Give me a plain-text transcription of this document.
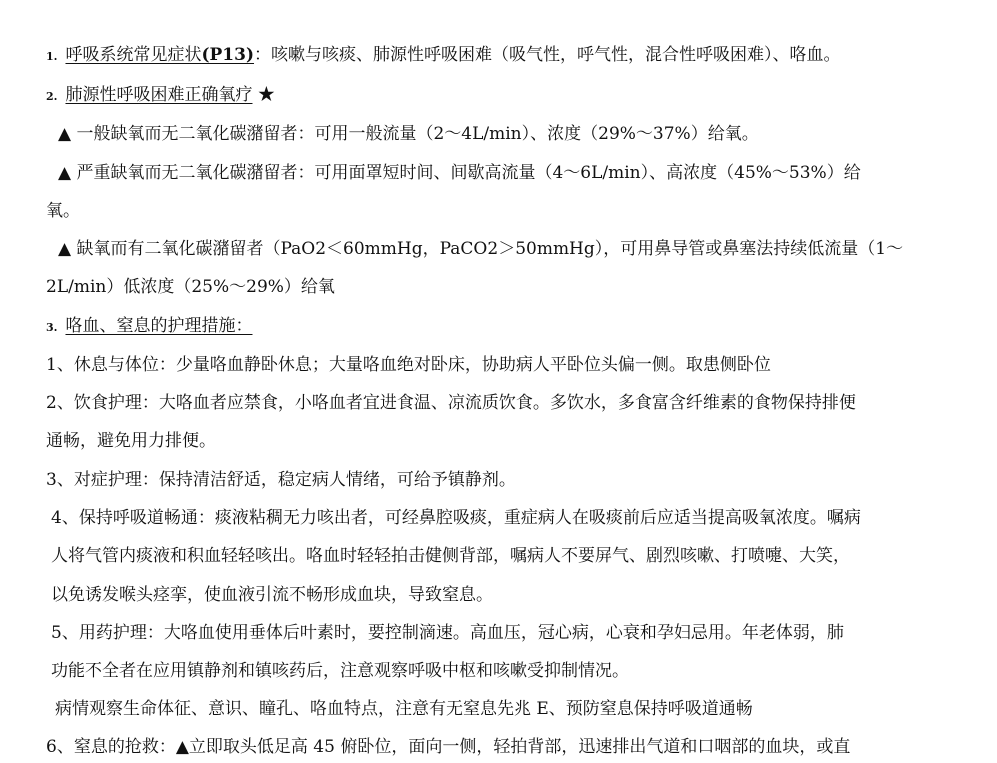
1. 呼吸系统常见症状(P13)：咳嗽与咳痰、肺源性呼吸困难（吸气性，呼气性，混合性呼吸困难）、咯血。
2. 肺源性呼吸困难正确氧疗 ★
▲ 一般缺氧而无二氧化碳潴留者：可用一般流量（2～4L/min）、浓度（29%～37%）给氧。
▲ 严重缺氧而无二氧化碳潴留者：可用面罩短时间、间歇高流量（4～6L/min）、高浓度（45%～53%）给
氧。
▲ 缺氧而有二氧化碳潴留者（PaO2＜60mmHg，PaCO2＞50mmHg），可用鼻导管或鼻塞法持续低流量（1～
2L/min）低浓度（25%～29%）给氧
3. 咯血、窒息的护理措施：
1、休息与体位：少量咯血静卧休息；大量咯血绝对卧床，协助病人平卧位头偏一侧。取患侧卧位
2、饮食护理：大咯血者应禁食，小咯血者宜进食温、凉流质饮食。多饮水，多食富含纤维素的食物保持排便
通畅，避免用力排便。
3、对症护理：保持清洁舒适，稳定病人情绪，可给予镇静剂。
4、保持呼吸道畅通：痰液粘稠无力咳出者，可经鼻腔吸痰，重症病人在吸痰前后应适当提高吸氧浓度。嘱病
人将气管内痰液和积血轻轻咳出。咯血时轻轻拍击健侧背部，嘱病人不要屏气、剧烈咳嗽、打喷嚏、大笑，
以免诱发喉头痉挛，使血液引流不畅形成血块，导致窒息。
5、用药护理：大咯血使用垂体后叶素时，要控制滴速。高血压，冠心病，心衰和孕妇忌用。年老体弱，肺
功能不全者在应用镇静剂和镇咳药后，注意观察呼吸中枢和咳嗽受抑制情况。
病情观察生命体征、意识、瞳孔、咯血特点，注意有无窒息先兆 E、预防窒息保持呼吸道通畅
6、窒息的抢救：▲立即取头低足高 45 俯卧位，面向一侧，轻拍背部，迅速排出气道和口咽部的血块，或直
